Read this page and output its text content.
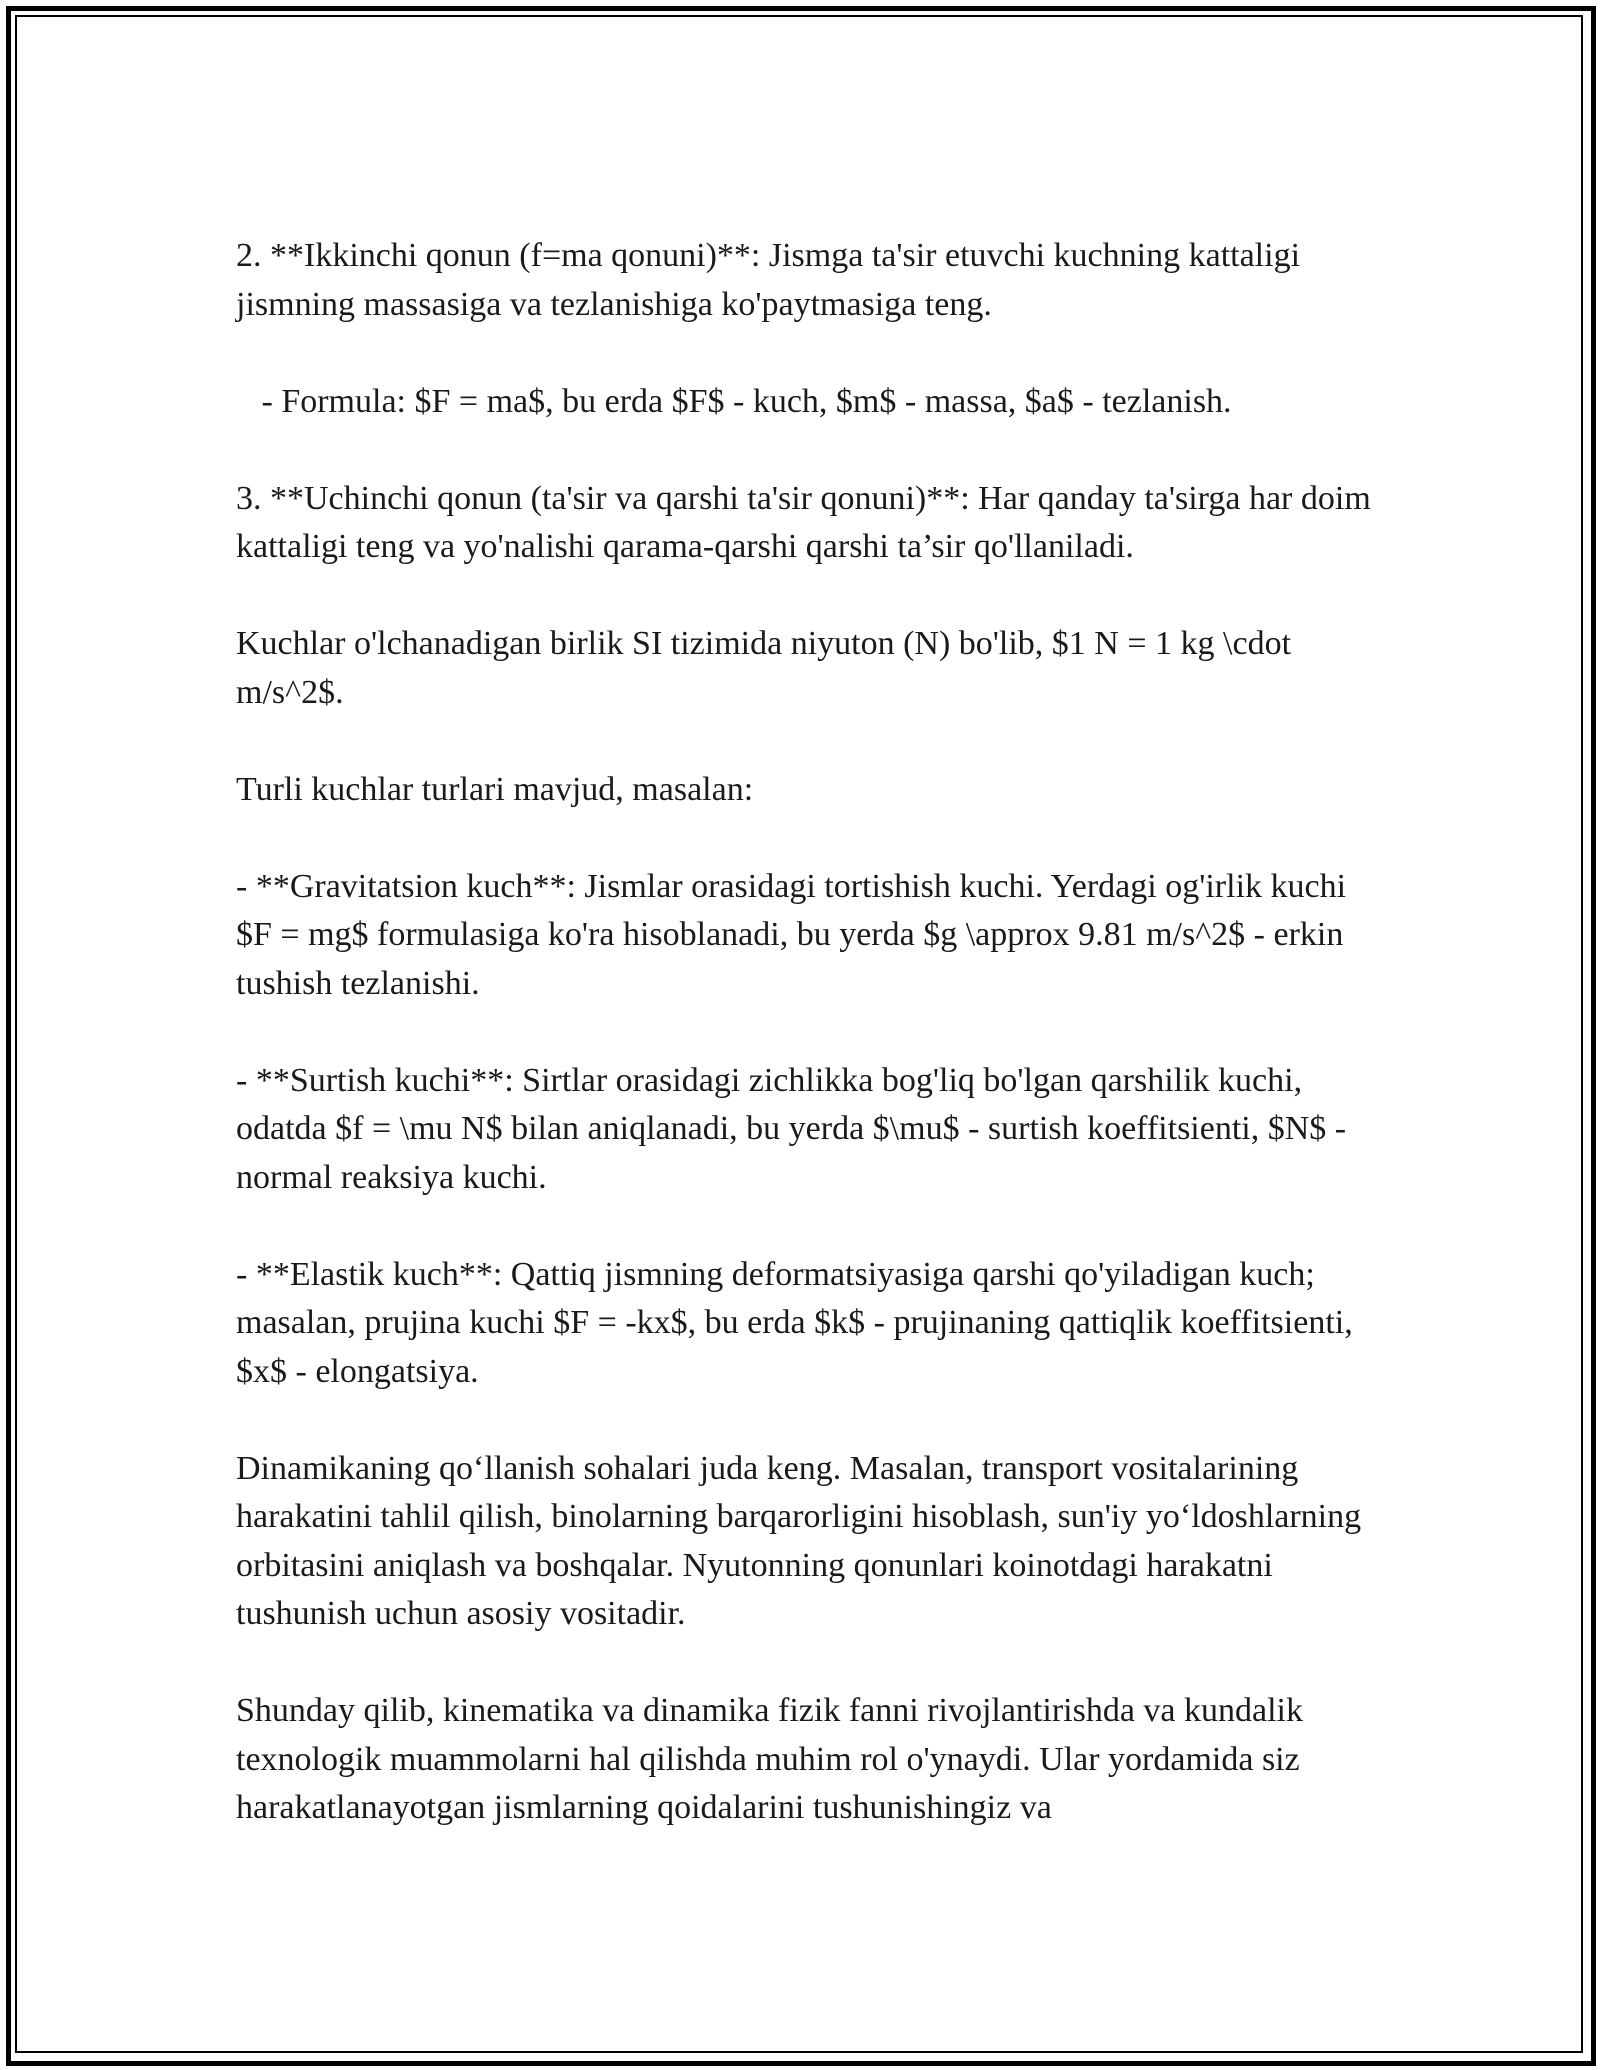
2. **Ikkinchi qonun (f=ma qonuni)**: Jismga ta'sir etuvchi kuchning kattaligi jismning massasiga va tezlanishiga ko'paytmasiga teng.

- Formula: $F = ma$, bu erda $F$ - kuch, $m$ - massa, $a$ - tezlanish.

3. **Uchinchi qonun (ta'sir va qarshi ta'sir qonuni)**: Har qanday ta'sirga har doim kattaligi teng va yo'nalishi qarama-qarshi qarshi ta’sir qo'llaniladi.

Kuchlar o'lchanadigan birlik SI tizimida niyuton (N) bo'lib, $1 N = 1 kg \cdot m/s^2$.

Turli kuchlar turlari mavjud, masalan:

- **Gravitatsion kuch**: Jismlar orasidagi tortishish kuchi. Yerdagi og'irlik kuchi $F = mg$ formulasiga ko'ra hisoblanadi, bu yerda $g \approx 9.81 m/s^2$ - erkin tushish tezlanishi.

- **Surtish kuchi**: Sirtlar orasidagi zichlikka bog'liq bo'lgan qarshilik kuchi, odatda $f = \mu N$ bilan aniqlanadi, bu yerda $\mu$ - surtish koeffitsienti, $N$ - normal reaksiya kuchi.

- **Elastik kuch**: Qattiq jismning deformatsiyasiga qarshi qo'yiladigan kuch; masalan, prujina kuchi $F = -kx$, bu erda $k$ - prujinaning qattiqlik koeffitsienti, $x$ - elongatsiya.

Dinamikaning qo‘llanish sohalari juda keng. Masalan, transport vositalarining harakatini tahlil qilish, binolarning barqarorligini hisoblash, sun'iy yo‘ldoshlarning orbitasini aniqlash va boshqalar. Nyutonning qonunlari koinotdagi harakatni tushunish uchun asosiy vositadir.

Shunday qilib, kinematika va dinamika fizik fanni rivojlantirishda va kundalik texnologik muammolarni hal qilishda muhim rol o'ynaydi. Ular yordamida siz harakatlanayotgan jismlarning qoidalarini tushunishingiz va
